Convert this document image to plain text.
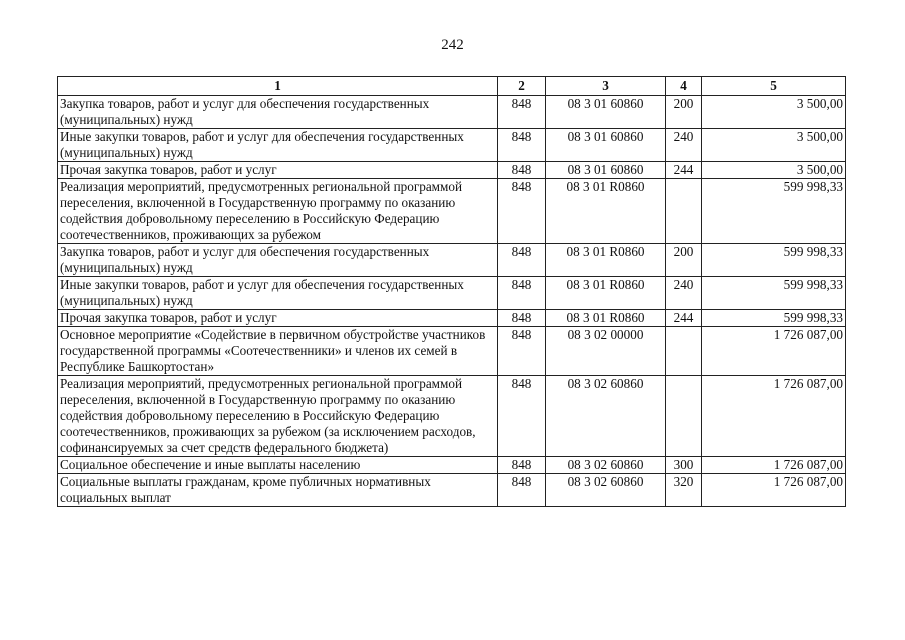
242
1	2	3	4	5
Закупка товаров, работ и услуг для обеспечения государственных (муниципальных) нужд	848	08 3 01 60860	200	3 500,00
Иные закупки товаров, работ и услуг для обеспечения государственных (муниципальных) нужд	848	08 3 01 60860	240	3 500,00
Прочая закупка товаров, работ и услуг	848	08 3 01 60860	244	3 500,00
Реализация мероприятий, предусмотренных региональной программой переселения, включенной в Государственную программу по оказанию содействия добровольному переселению в Российскую Федерацию соотечественников, проживающих за рубежом	848	08 3 01 R0860		599 998,33
Закупка товаров, работ и услуг для обеспечения государственных (муниципальных) нужд	848	08 3 01 R0860	200	599 998,33
Иные закупки товаров, работ и услуг для обеспечения государственных (муниципальных) нужд	848	08 3 01 R0860	240	599 998,33
Прочая закупка товаров, работ и услуг	848	08 3 01 R0860	244	599 998,33
Основное мероприятие «Содействие в первичном обустройстве участников государственной программы «Соотечественники» и членов их семей в Республике Башкортостан»	848	08 3 02 00000		1 726 087,00
Реализация мероприятий, предусмотренных региональной программой переселения, включенной в Государственную программу по оказанию содействия добровольному переселению в Российскую Федерацию соотечественников, проживающих за рубежом (за исключением расходов, софинансируемых за счет средств федерального бюджета)	848	08 3 02 60860		1 726 087,00
Социальное обеспечение и иные выплаты населению	848	08 3 02 60860	300	1 726 087,00
Социальные выплаты гражданам, кроме публичных нормативных социальных выплат	848	08 3 02 60860	320	1 726 087,00
